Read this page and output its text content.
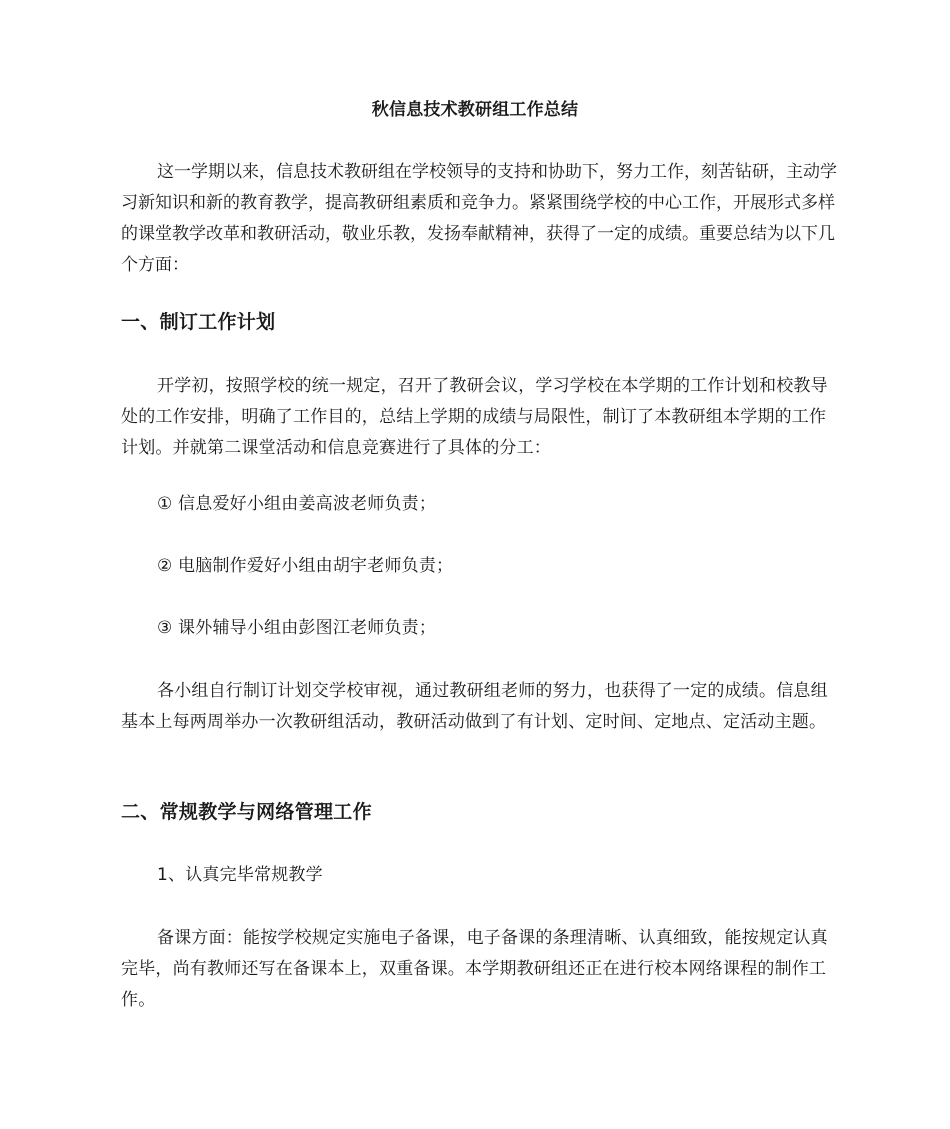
秋信息技术教研组工作总结

这一学期以来，信息技术教研组在学校领导的支持和协助下，努力工作，刻苦钻研，主动学习新知识和新的教育教学，提高教研组素质和竞争力。紧紧围绕学校的中心工作，开展形式多样的课堂教学改革和教研活动，敬业乐教，发扬奉献精神，获得了一定的成绩。重要总结为以下几个方面：

一、制订工作计划

开学初，按照学校的统一规定，召开了教研会议，学习学校在本学期的工作计划和校教导处的工作安排，明确了工作目的，总结上学期的成绩与局限性，制订了本教研组本学期的工作计划。并就第二课堂活动和信息竞赛进行了具体的分工：

① 信息爱好小组由姜高波老师负责；

② 电脑制作爱好小组由胡宇老师负责；

③ 课外辅导小组由彭图江老师负责；

各小组自行制订计划交学校审视，通过教研组老师的努力，也获得了一定的成绩。信息组基本上每两周举办一次教研组活动，教研活动做到了有计划、定时间、定地点、定活动主题。

二、常规教学与网络管理工作

1、认真完毕常规教学

备课方面：能按学校规定实施电子备课，电子备课的条理清晰、认真细致，能按规定认真完毕，尚有教师还写在备课本上，双重备课。本学期教研组还正在进行校本网络课程的制作工作。
